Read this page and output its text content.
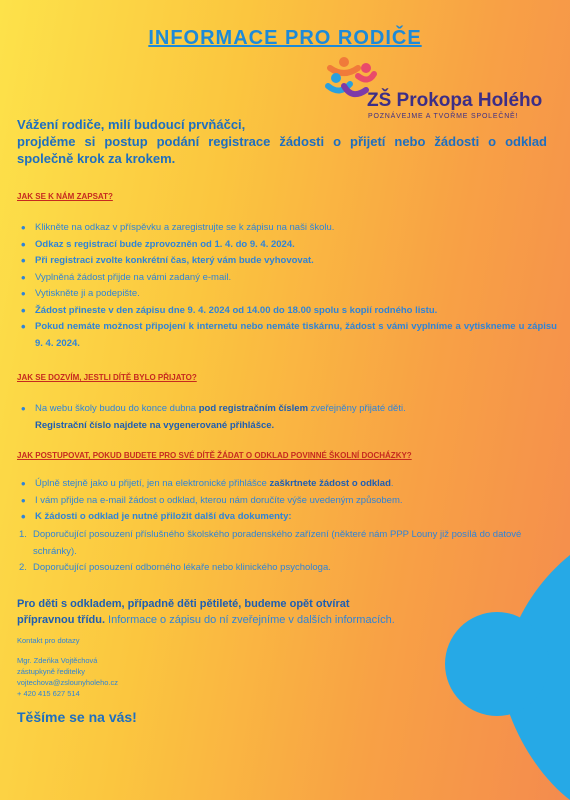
INFORMACE PRO RODIČE
ZŠ Prokopa Holého
POZNÁVEJME A TVOŘME SPOLEČNĚ!

Vážení rodiče, milí budoucí prvňáčci,

projděme si postup podání registrace žádosti o přijetí nebo žádosti o odklad

společně krok za krokem.

JAK SE K NÁM ZAPSAT?
• Klikněte na odkaz v příspěvku a zaregistrujte se k zápisu na naši školu.
• Odkaz s registrací bude zprovozněn od 1. 4. do 9. 4. 2024.
• Při registraci zvolte konkrétní čas, který vám bude vyhovovat.
• Vyplněná žádost přijde na vámi zadaný e-mail.
• Vytiskněte ji a podepište.
• Žádost přineste v den zápisu dne 9. 4. 2024 od 14.00 do 18.00 spolu s kopií rodného listu.
• Pokud nemáte možnost připojení k internetu nebo nemáte tiskárnu, žádost s vámi vyplníme a vytiskneme u zápisu 9. 4. 2024.
JAK SE DOZVÍM, JESTLI DÍTĚ BYLO PŘIJATO?
• Na webu školy budou do konce dubna pod registračním číslem zveřejněny přijaté děti.
Registrační číslo najdete na vygenerované přihlášce.
JAK POSTUPOVAT, POKUD BUDETE PRO SVÉ DÍTĚ ŽÁDAT O ODKLAD POVINNÉ ŠKOLNÍ DOCHÁZKY?
• Úplně stejně jako u přijetí, jen na elektronické přihlášce zaškrtnete žádost o odklad.
• I vám přijde na e-mail žádost o odklad, kterou nám doručíte výše uvedeným způsobem.
• K žádosti o odklad je nutné přiložit další dva dokumenty:
1. Doporučující posouzení příslušného školského poradenského zařízení (některé nám PPP Louny již posílá do datové schránky).
2. Doporučující posouzení odborného lékaře nebo klinického psychologa.
Pro děti s odkladem, případně děti pětileté, budeme opět otvírat
přípravnou třídu. Informace o zápisu do ní zveřejníme v dalších informacích.
Kontakt pro dotazy
Mgr. Zdeňka Vojtěchová
zástupkyně ředitelky
vojtechova@zslounyholeho.cz
+ 420 415 627 514
Těšíme se na vás!
